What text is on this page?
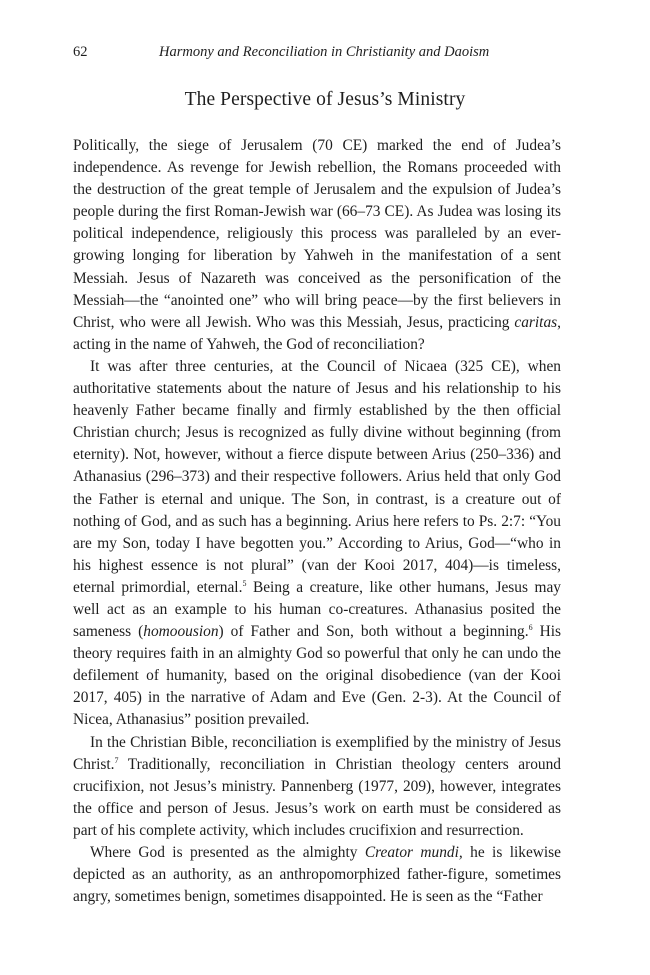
62	Harmony and Reconciliation in Christianity and Daoism
The Perspective of Jesus’s Ministry

Politically, the siege of Jerusalem (70 CE) marked the end of Judea’s independence. As revenge for Jewish rebellion, the Romans proceeded with the destruction of the great temple of Jerusalem and the expulsion of Judea’s people during the first Roman-Jewish war (66–73 CE). As Judea was losing its political independence, religiously this process was paralleled by an ever-growing longing for liberation by Yahweh in the manifestation of a sent Messiah. Jesus of Nazareth was conceived as the personification of the Messiah—the “anointed one” who will bring peace—by the first believers in Christ, who were all Jewish. Who was this Messiah, Jesus, practicing caritas, acting in the name of Yahweh, the God of reconciliation?

It was after three centuries, at the Council of Nicaea (325 CE), when authoritative statements about the nature of Jesus and his relationship to his heavenly Father became finally and firmly established by the then official Christian church; Jesus is recognized as fully divine without beginning (from eternity). Not, however, without a fierce dispute between Arius (250–336) and Athanasius (296–373) and their respective followers. Arius held that only God the Father is eternal and unique. The Son, in contrast, is a creature out of nothing of God, and as such has a beginning. Arius here refers to Ps. 2:7: “You are my Son, today I have begotten you.” According to Arius, God—“who in his highest essence is not plural” (van der Kooi 2017, 404)—is timeless, eternal primordial, eternal.$^5$ Being a creature, like other humans, Jesus may well act as an example to his human co-creatures. Athanasius posited the sameness (homoousion) of Father and Son, both without a beginning.$^6$ His theory requires faith in an almighty God so powerful that only he can undo the defilement of humanity, based on the original disobedience (van der Kooi 2017, 405) in the narrative of Adam and Eve (Gen. 2-3). At the Council of Nicea, Athanasius” position prevailed.

In the Christian Bible, reconciliation is exemplified by the ministry of Jesus Christ.$^7$ Traditionally, reconciliation in Christian theology centers around crucifixion, not Jesus’s ministry. Pannenberg (1977, 209), however, integrates the office and person of Jesus. Jesus’s work on earth must be considered as part of his complete activity, which includes crucifixion and resurrection.

Where God is presented as the almighty Creator mundi, he is likewise depicted as an authority, as an anthropomorphized father-figure, sometimes angry, sometimes benign, sometimes disappointed. He is seen as the “Father
